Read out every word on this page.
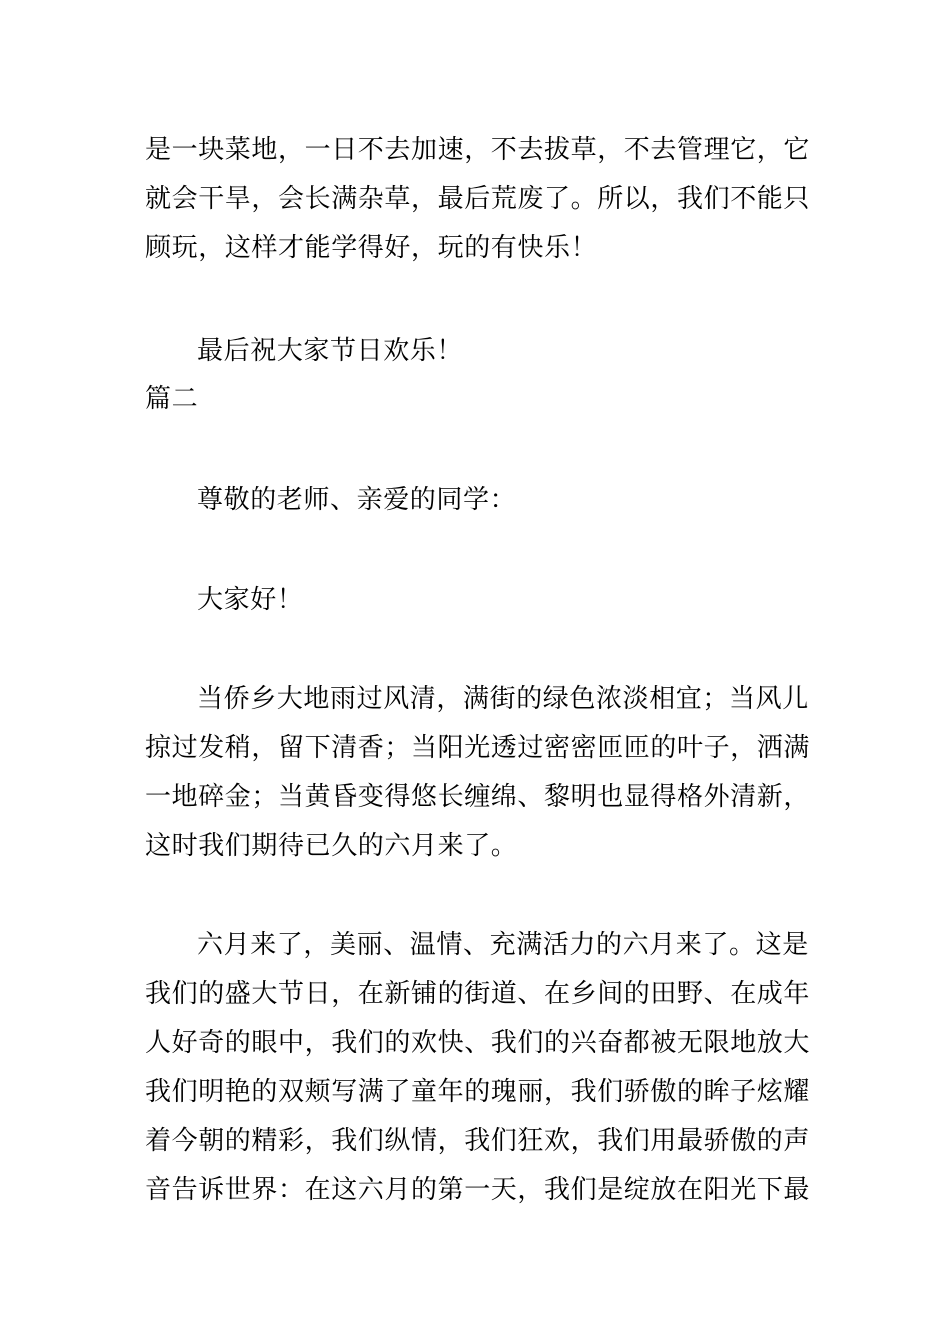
是一块菜地，一日不去加速，不去拔草，不去管理它，它
就会干旱，会长满杂草，最后荒废了。所以，我们不能只
顾玩，这样才能学得好，玩的有快乐！
最后祝大家节日欢乐！
篇二
尊敬的老师、亲爱的同学：
大家好！
当侨乡大地雨过风清，满街的绿色浓淡相宜；当风儿
掠过发稍，留下清香；当阳光透过密密匝匝的叶子，洒满
一地碎金；当黄昏变得悠长缠绵、黎明也显得格外清新，
这时我们期待已久的六月来了。
六月来了，美丽、温情、充满活力的六月来了。这是
我们的盛大节日，在新铺的街道、在乡间的田野、在成年
人好奇的眼中，我们的欢快、我们的兴奋都被无限地放大
我们明艳的双颊写满了童年的瑰丽，我们骄傲的眸子炫耀
着今朝的精彩，我们纵情，我们狂欢，我们用最骄傲的声
音告诉世界：在这六月的第一天，我们是绽放在阳光下最
